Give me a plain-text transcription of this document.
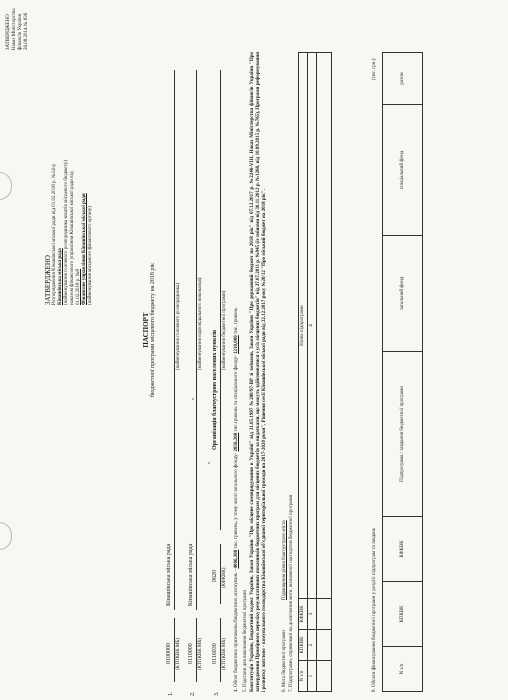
ЗАТВЕРДЖЕНО Наказ Міністерства фінансів України 26.08.2014 № 836
ЗАТВЕРДЖЕНО Розпорядження Кінашівської міської ради від 01.02.2018 р. №14-р Кінашівська міська рада (найменування головного розпорядника коштів місцевого бюджету) наказом фінансового управління Кінашівської міської ради від 01.02.2018 р. №8 Фінансове управління Кінашівської міської ради (найменування місцевого фінансового органу)
ПАСПОРТ бюджетної програми місцевого бюджету на 2018 рік
1.
0100000 (КТПКВК МБ)
Кінашівська міська рада
(найменування головного розпорядника)
2.
0110000 (КТПКВК МБ)
Кінашівська міська рада
(найменування відповідального виконавця)
3.
0116030 (КТПКВК МБ)
0620 (КФКВК)
Організація благоустрою населених пунктів (найменування бюджетної програми)
4. Обсяг бюджетних призначень/бюджетних асигнувань - 4066,300 тис. гривень, у тому числі загального фонду- 2856,300 тис.гривень та спеціального фонду- 1210,000 тис. гривень
5. Підстави для виконання бюджетної програми Конституція України, Бюджетний кодекс України, Закон України "Про місцеве самоврядування в Україні" від 21.05.1997 №280/97-ВР зі змінами, Закон України "Про державний бюджет на 2018 рік" від 07.12.2017 р. №2246-VIII, Наказ Міністерства фінансів України "Про затвердження Примірного переліку результативних показників бюджетних програм для місцевих бюджетів за видатками, що можуть здійснюватися з усіх місцевих бюджетів" від 27.07.2011 р. №945 (із змінами від 30.11.2012 р. №1260, від 10.09.2015 р. №765), Програми реформування і розвитку житлово - комунального господарства Кінашівської об'єднаної територіальної громади на 2017-2020 роки", Рішення сесії Кінашівської міської ради від 22.12.2017 року №20/12 "Про міський бюджет на 2018 рік".	6. Мета бюджетної програми
Підвищення рівня благоустрою міста 7. Підпрограми, спрямовані на досягнення мети, визначеної паспортом бюджетної програми N з/п	КПКВК	КФКВК	Назва підпрограми
1	2	3	4

8. Обсяги фінансування бюджетної програми у розрізі підпрограм та завдань
(тис. грн.)
N з/п	КПКВК	КФКВК	Підпрограма / завдання бюджетної програми	загальний фонд	спеціальний фонд	разом
